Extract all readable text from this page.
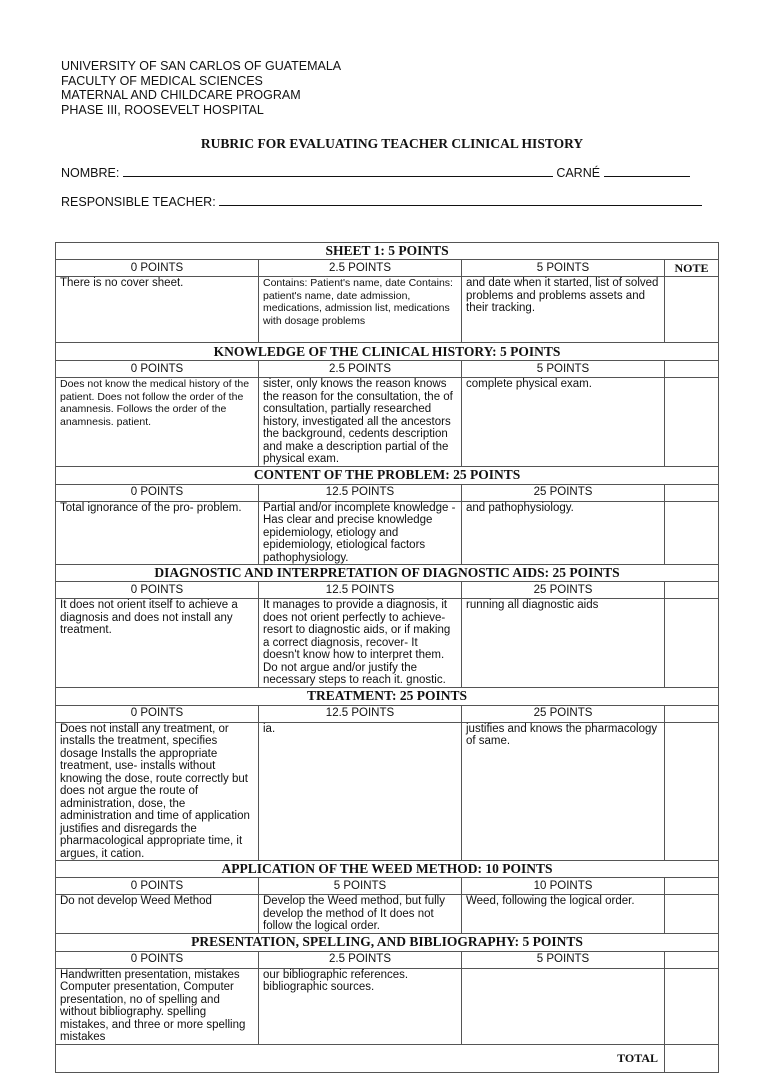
UNIVERSITY OF SAN CARLOS OF GUATEMALA
FACULTY OF MEDICAL SCIENCES
MATERNAL AND CHILDCARE PROGRAM
PHASE III, ROOSEVELT HOSPITAL
RUBRIC FOR EVALUATING TEACHER CLINICAL HISTORY
NOMBRE:	CARNÉ
RESPONSIBLE TEACHER:
SHEET 1: 5 POINTS			
0 POINTS	2.5 POINTS	5 POINTS	NOTE
There is no cover sheet.	Contains: Patient's name, date Contains: patient's name, date admission, medications, admission list, medications with dosage problems	and date when it started, list of solved problems and problems assets and their tracking.	
KNOWLEDGE OF THE CLINICAL HISTORY: 5 POINTS			
0 POINTS	2.5 POINTS	5 POINTS	
Does not know the medical history of the patient. Does not follow the order of the anamnesis. Follows the order of the anamnesis. patient.	sister, only knows the reason knows the reason for the consultation, the of consultation, partially researched history, investigated all the ancestors the background, cedents description and make a description partial of the physical exam.	complete physical exam.	
CONTENT OF THE PROBLEM: 25 POINTS			
0 POINTS	12.5 POINTS	25 POINTS	
Total ignorance of the pro- problem.	Partial and/or incomplete knowledge - Has clear and precise knowledge epidemiology, etiology and epidemiology, etiological factors pathophysiology.	and pathophysiology.	
DIAGNOSTIC AND INTERPRETATION OF DIAGNOSTIC AIDS: 25 POINTS			
0 POINTS	12.5 POINTS	25 POINTS	
It does not orient itself to achieve a diagnosis and does not install any treatment.	It manages to provide a diagnosis, it does not orient perfectly to achieve- resort to diagnostic aids, or if making a correct diagnosis, recover- It doesn't know how to interpret them. Do not argue and/or justify the necessary steps to reach it. gnostic.	running all diagnostic aids	
TREATMENT: 25 POINTS			
0 POINTS	12.5 POINTS	25 POINTS	
Does not install any treatment, or installs the treatment, specifies dosage Installs the appropriate treatment, use- installs without knowing the dose, route correctly but does not argue the route of administration, dose, the administration and time of application justifies and disregards the pharmacological appropriate time, it argues, it cation.	ia.	justifies and knows the pharmacology of same.	
APPLICATION OF THE WEED METHOD: 10 POINTS			
0 POINTS	5 POINTS	10 POINTS	
Do not develop Weed Method	Develop the Weed method, but fully develop the method of It does not follow the logical order.	Weed, following the logical order.	
PRESENTATION, SPELLING, AND BIBLIOGRAPHY: 5 POINTS			
0 POINTS	2.5 POINTS	5 POINTS	
Handwritten presentation, mistakes Computer presentation, Computer presentation, no of spelling and without bibliography. spelling mistakes, and three or more spelling mistakes	our bibliographic references. bibliographic sources.		
TOTAL			
